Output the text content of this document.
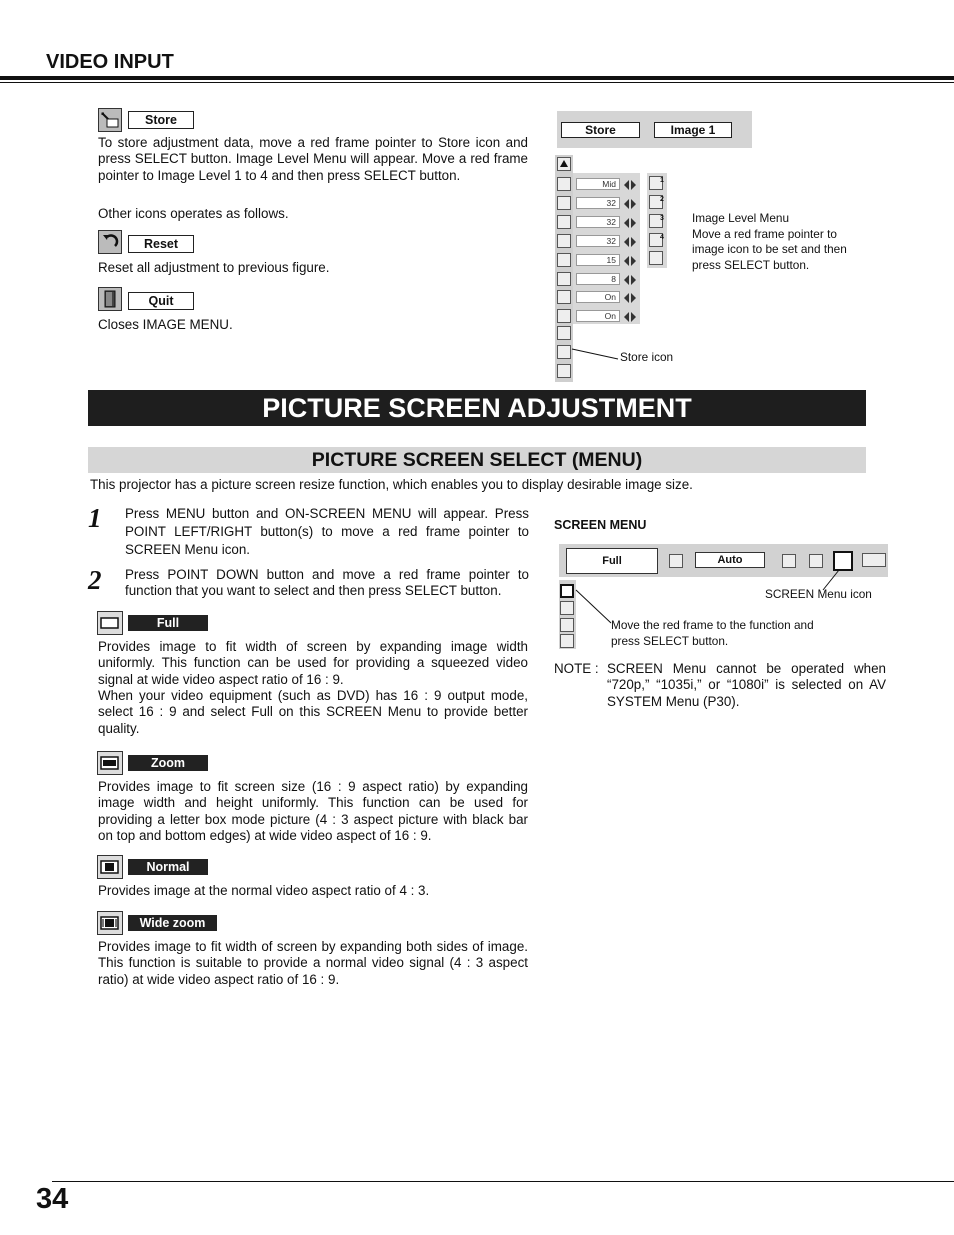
VIDEO INPUT
Store
To store adjustment data, move a red frame pointer to Store icon and press SELECT button. Image Level Menu will appear. Move a red frame pointer to Image Level 1 to 4 and then press SELECT button.
Other icons operates as follows.
Reset
Reset all adjustment to previous figure.
Quit
Closes IMAGE MENU.
Store	Image 1
Mid
32
32
32
15
8
On
On
1
2
3
4
Image Level Menu
Move a red frame pointer to
image icon to be set and then
press SELECT button.
Store icon
PICTURE SCREEN ADJUSTMENT
PICTURE SCREEN SELECT (MENU)
This projector has a picture screen resize function, which enables you to display desirable image size.
1 Press MENU button and ON-SCREEN MENU will appear. Press POINT LEFT/RIGHT button(s) to move a red frame pointer to SCREEN Menu icon.
2 Press POINT DOWN button and move a red frame pointer to function that you want to select and then press SELECT button.
Full
Provides image to fit width of screen by expanding image width uniformly. This function can be used for providing a squeezed video signal at wide video aspect ratio of 16 : 9.
When your video equipment (such as DVD) has 16 : 9 output mode, select 16 : 9 and select Full on this SCREEN Menu to provide better quality.
Zoom
Provides image to fit screen size (16 : 9 aspect ratio) by expanding image width and height uniformly. This function can be used for providing a letter box mode picture (4 : 3 aspect picture with black bar on top and bottom edges) at wide video aspect of 16 : 9.
Normal
Provides image at the normal video aspect ratio of 4 : 3.
Wide zoom
Provides image to fit width of screen by expanding both sides of image. This function is suitable to provide a normal video signal (4 : 3 aspect ratio) at wide video aspect ratio of 16 : 9.
SCREEN MENU
Full	Auto
SCREEN Menu icon
Move the red frame to the function and
press SELECT button.
NOTE : SCREEN Menu cannot be operated when “720p,” “1035i,” or “1080i” is selected on AV SYSTEM Menu (P30).
34
